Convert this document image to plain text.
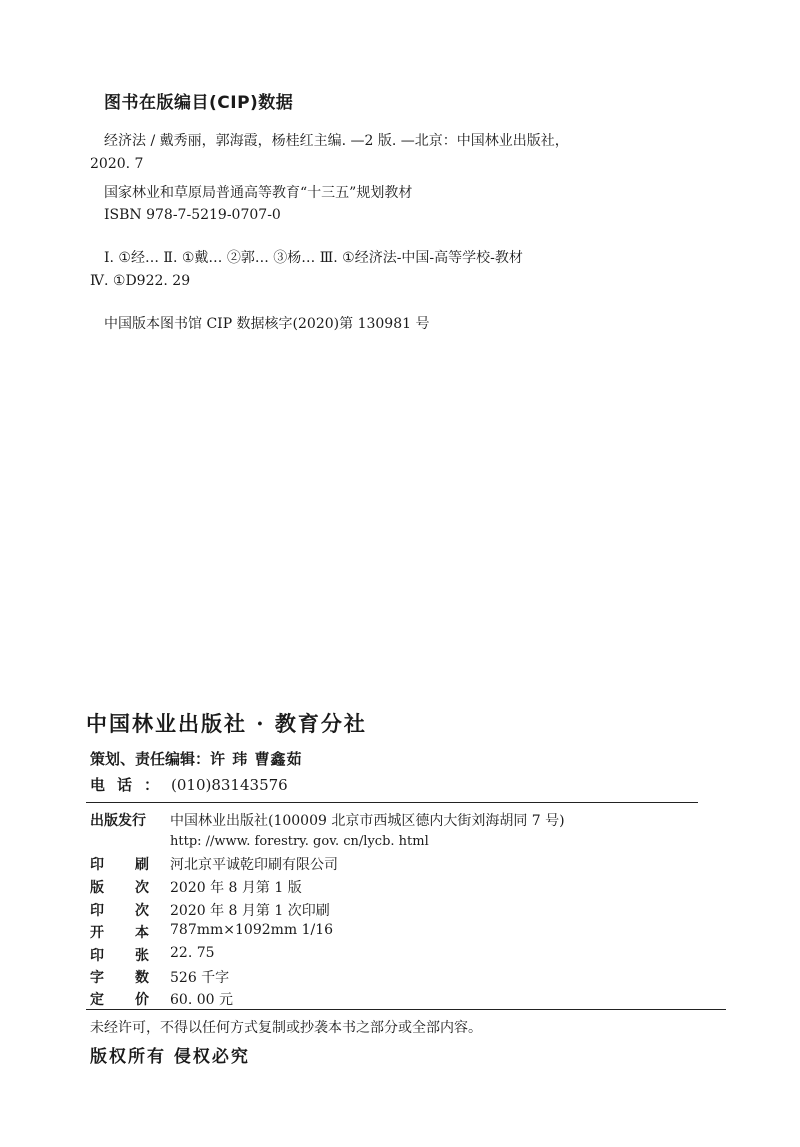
图书在版编目(CIP)数据
经济法 / 戴秀丽，郭海霞，杨桂红主编. —2 版. —北京：中国林业出版社，
2020. 7
国家林业和草原局普通高等教育“十三五”规划教材
ISBN 978-7-5219-0707-0
Ⅰ. ①经… Ⅱ. ①戴… ②郭… ③杨… Ⅲ. ①经济法-中国-高等学校-教材
Ⅳ. ①D922. 29
中国版本图书馆 CIP 数据核字(2020)第 130981 号
中国林业出版社 · 教育分社
策划、责任编辑：许 玮 曹鑫茹
电话：(010)83143576
出版发行	中国林业出版社(100009 北京市西城区德内大街刘海胡同 7 号)
http: //www. forestry. gov. cn/lycb. html
印刷
河北京平诚乾印刷有限公司
版次
2020 年 8 月第 1 版
印次
2020 年 8 月第 1 次印刷
开本
787mm×1092mm 1/16
印张
22. 75
字数
526 千字
定价
60. 00 元
未经许可，不得以任何方式复制或抄袭本书之部分或全部内容。
版权所有 侵权必究
